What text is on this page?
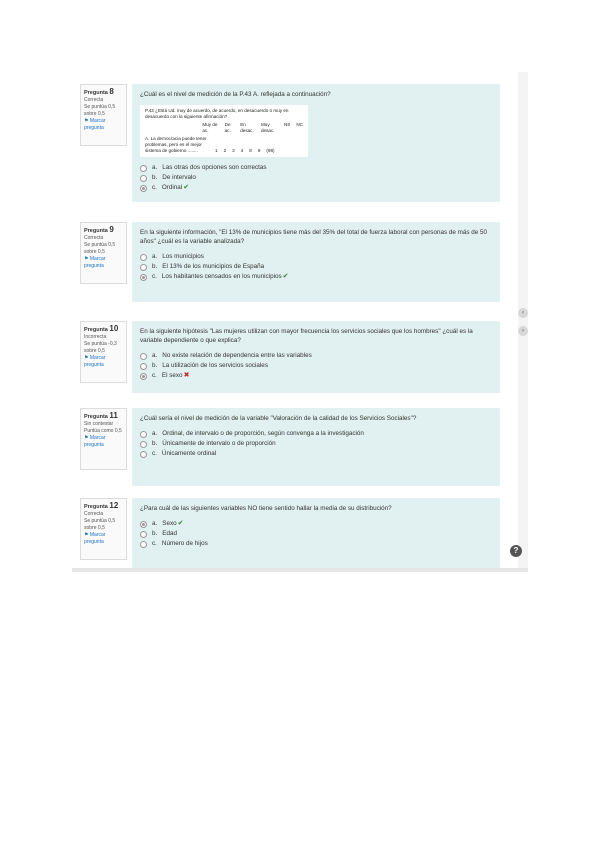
Pregunta 8
Correcta
Se puntúa 0,5 sobre 0,5
⚑ Marcar pregunta

¿Cuál es el nivel de medición de la P.43 A. reflejada a continuación?

P.43 ¿Está Ud. muy de acuerdo, de acuerdo, en desacuerdo o muy en desacuerdo con la siguiente afirmación?
Muy de ac.
De ac.
En desac.
Muy desac.
NS NC
A. La democracia puede tener problemas, pero es el mejor sistema de gobierno ........	1 2 3 4 8 9 (98)
a. Las otras dos opciones son correctas
b. De intervalo
c. Ordinal ✔
Pregunta 9
Correcta
Se puntúa 0,5 sobre 0,5
⚑ Marcar pregunta

En la siguiente información, "El 13% de municipios tiene más del 35% del total de fuerza laboral con personas de más de 50 años" ¿cuál es la variable analizada?

a. Los municipios
b. El 13% de los municipios de España
c. Los habitantes censados en los municipios ✔
Pregunta 10
Incorrecta
Se puntúa -0,3 sobre 0,5
⚑ Marcar pregunta

En la siguiente hipótesis "Las mujeres utilizan con mayor frecuencia los servicios sociales que los hombres" ¿cuál es la variable dependiente o que explica?

a. No existe relación de dependencia entre las variables
b. La utilización de los servicios sociales
c. El sexo ✖
Pregunta 11
Sin contestar
Puntúa como 0,5
⚑ Marcar pregunta

¿Cuál sería el nivel de medición de la variable "Valoración de la calidad de los Servicios Sociales"?

a. Ordinal, de intervalo o de proporción, según convenga a la investigación
b. Únicamente de intervalo o de proporción
c. Únicamente ordinal
Pregunta 12
Correcta
Se puntúa 0,5 sobre 0,5
⚑ Marcar pregunta

¿Para cuál de las siguientes variables NO tiene sentido hallar la media de su distribución?

a. Sexo ✔
b. Edad
c. Número de hijos
‹
›
?
